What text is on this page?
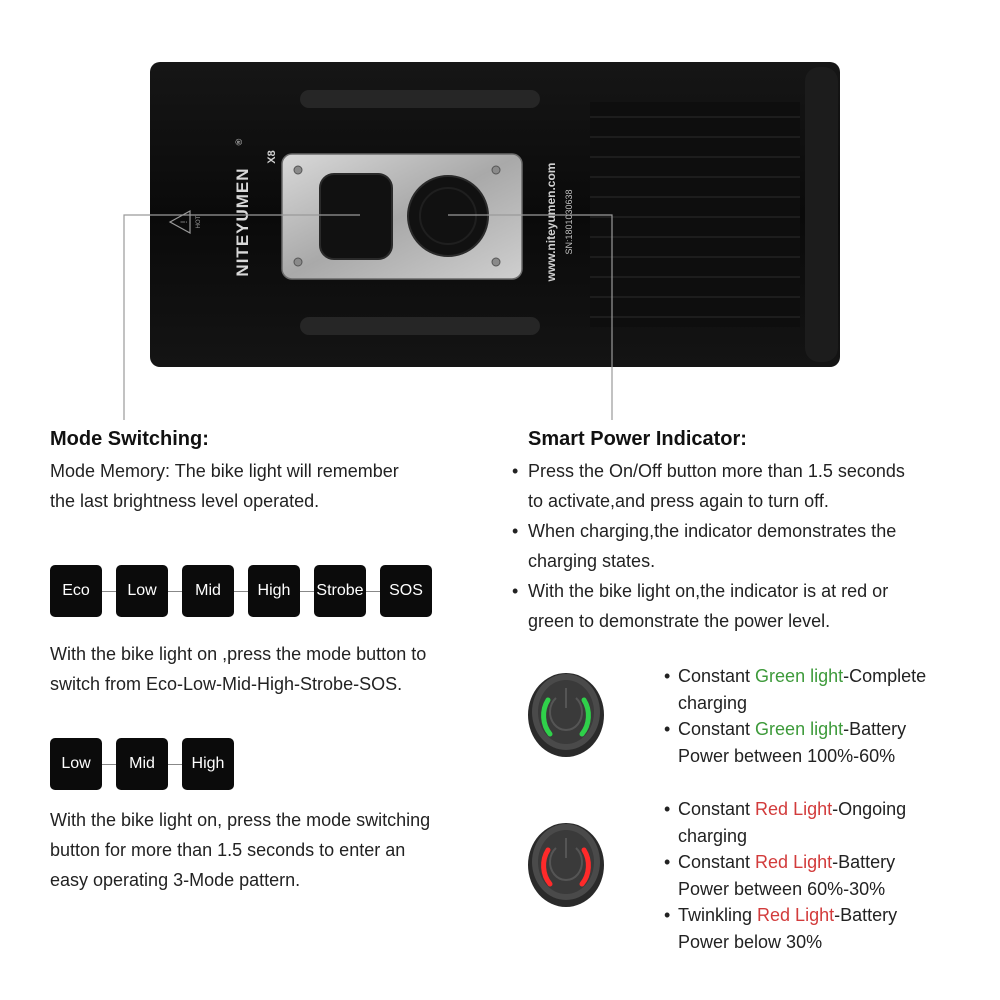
! HOT NITEYUMEN
®
X8
www.niteyumen.com SN:1801030638
Mode Switching:
Mode Memory: The bike light will remember
the last brightness level operated.
Eco	Low	Mid	High	Strobe	SOS
With the bike light on ,press the mode button to
switch from Eco-Low-Mid-High-Strobe-SOS.
Low	Mid	High
With the bike light on, press the mode switching
button for more than 1.5 seconds to enter an
easy operating 3-Mode pattern.
Smart Power Indicator:
• Press the On/Off button more than 1.5 seconds
to activate,and press again to turn off.
• When charging,the indicator demonstrates the
charging states.
• With the bike light on,the indicator is at red or
green to demonstrate the power level.
• Constant Green light-Complete
charging
• Constant Green light-Battery
Power between 100%-60%
• Constant Red Light-Ongoing
charging
• Constant Red Light-Battery
Power between 60%-30%
• Twinkling Red Light-Battery
Power below 30%
